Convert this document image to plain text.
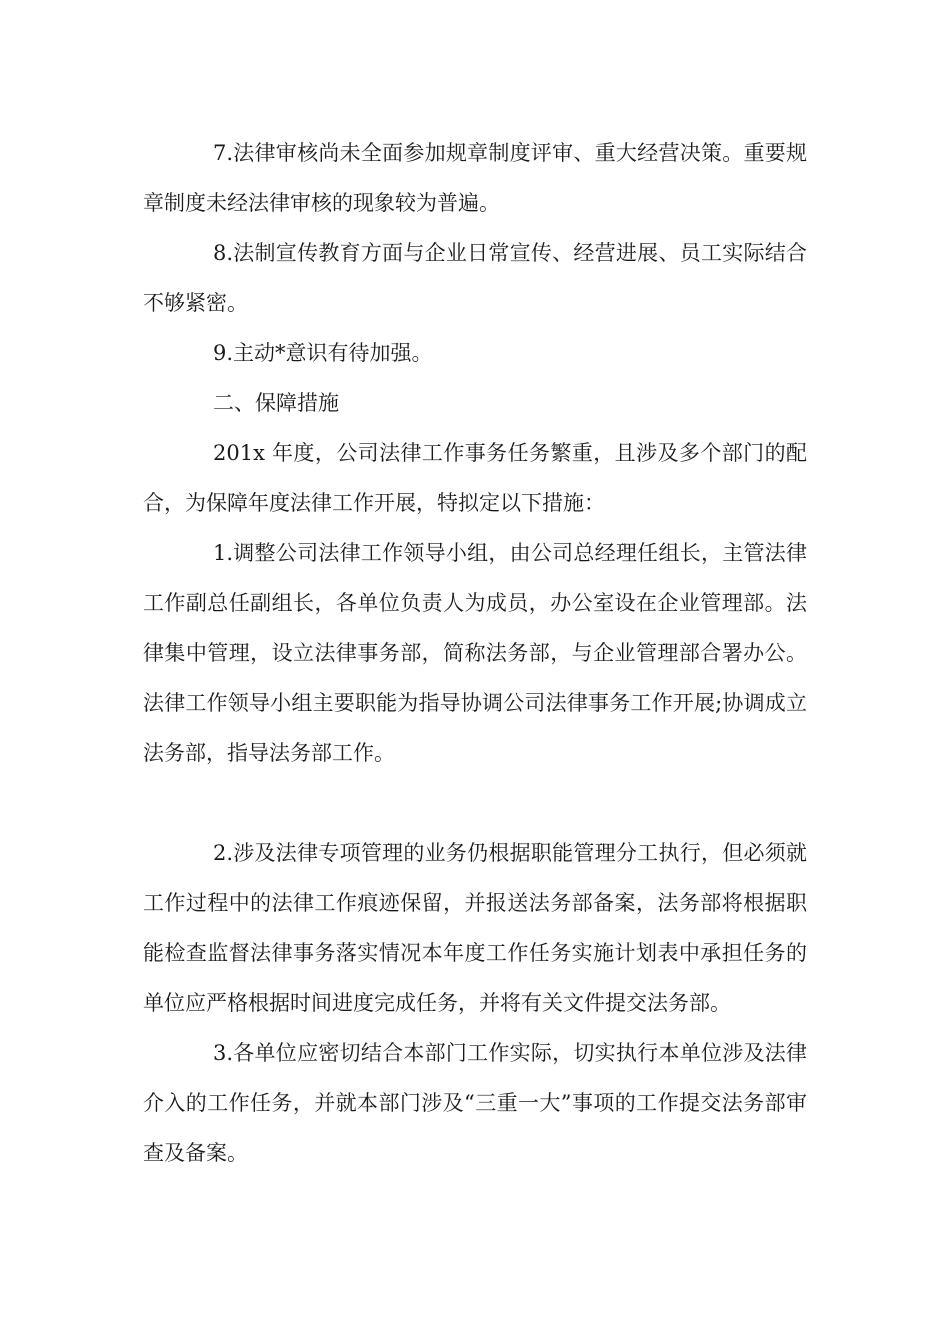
7.法律审核尚未全面参加规章制度评审、重大经营决策。重要规章制度未经法律审核的现象较为普遍。

8.法制宣传教育方面与企业日常宣传、经营进展、员工实际结合不够紧密。

9.主动*意识有待加强。

二、保障措施

201x 年度，公司法律工作事务任务繁重，且涉及多个部门的配合，为保障年度法律工作开展，特拟定以下措施：

1.调整公司法律工作领导小组，由公司总经理任组长，主管法律工作副总任副组长，各单位负责人为成员，办公室设在企业管理部。法律集中管理，设立法律事务部，简称法务部，与企业管理部合署办公。法律工作领导小组主要职能为指导协调公司法律事务工作开展;协调成立法务部，指导法务部工作。

2.涉及法律专项管理的业务仍根据职能管理分工执行，但必须就工作过程中的法律工作痕迹保留，并报送法务部备案，法务部将根据职能检查监督法律事务落实情况本年度工作任务实施计划表中承担任务的单位应严格根据时间进度完成任务，并将有关文件提交法务部。

3.各单位应密切结合本部门工作实际，切实执行本单位涉及法律介入的工作任务，并就本部门涉及“三重一大”事项的工作提交法务部审查及备案。
